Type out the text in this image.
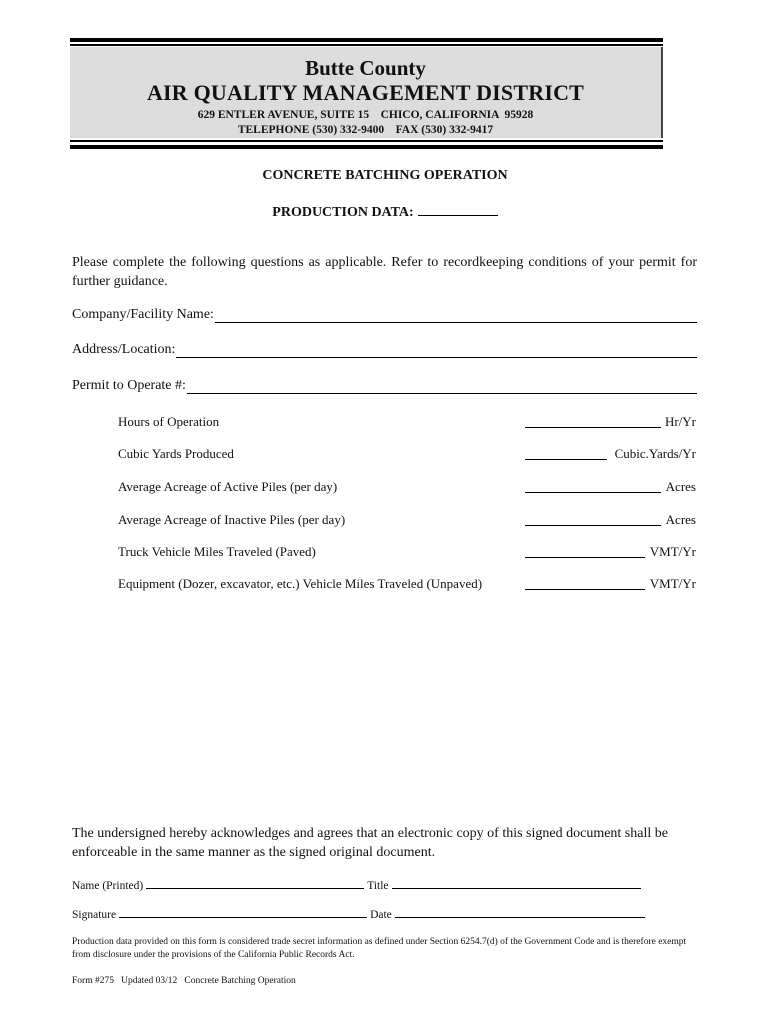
Butte County
AIR QUALITY MANAGEMENT DISTRICT
629 ENTLER AVENUE, SUITE 15    CHICO, CALIFORNIA  95928
TELEPHONE (530) 332-9400    FAX (530) 332-9417
CONCRETE BATCHING OPERATION
PRODUCTION DATA:
Please complete the following questions as applicable. Refer to recordkeeping conditions of your permit for further guidance.
Company/Facility Name:
Address/Location:
Permit to Operate #:
Hours of Operation	Hr/Yr
Cubic Yards Produced	Cubic.Yards/Yr
Average Acreage of Active Piles (per day)	Acres
Average Acreage of Inactive Piles (per day)	Acres
Truck Vehicle Miles Traveled (Paved)	VMT/Yr
Equipment (Dozer, excavator, etc.) Vehicle Miles Traveled (Unpaved)	VMT/Yr
The undersigned hereby acknowledges and agrees that an electronic copy of this signed document shall be enforceable in the same manner as the signed original document.
Name (Printed)	Title
Signature	Date
Production data provided on this form is considered trade secret information as defined under Section 6254.7(d) of the Government Code and is therefore exempt from disclosure under the provisions of the California Public Records Act.
Form #275   Updated 03/12   Concrete Batching Operation
